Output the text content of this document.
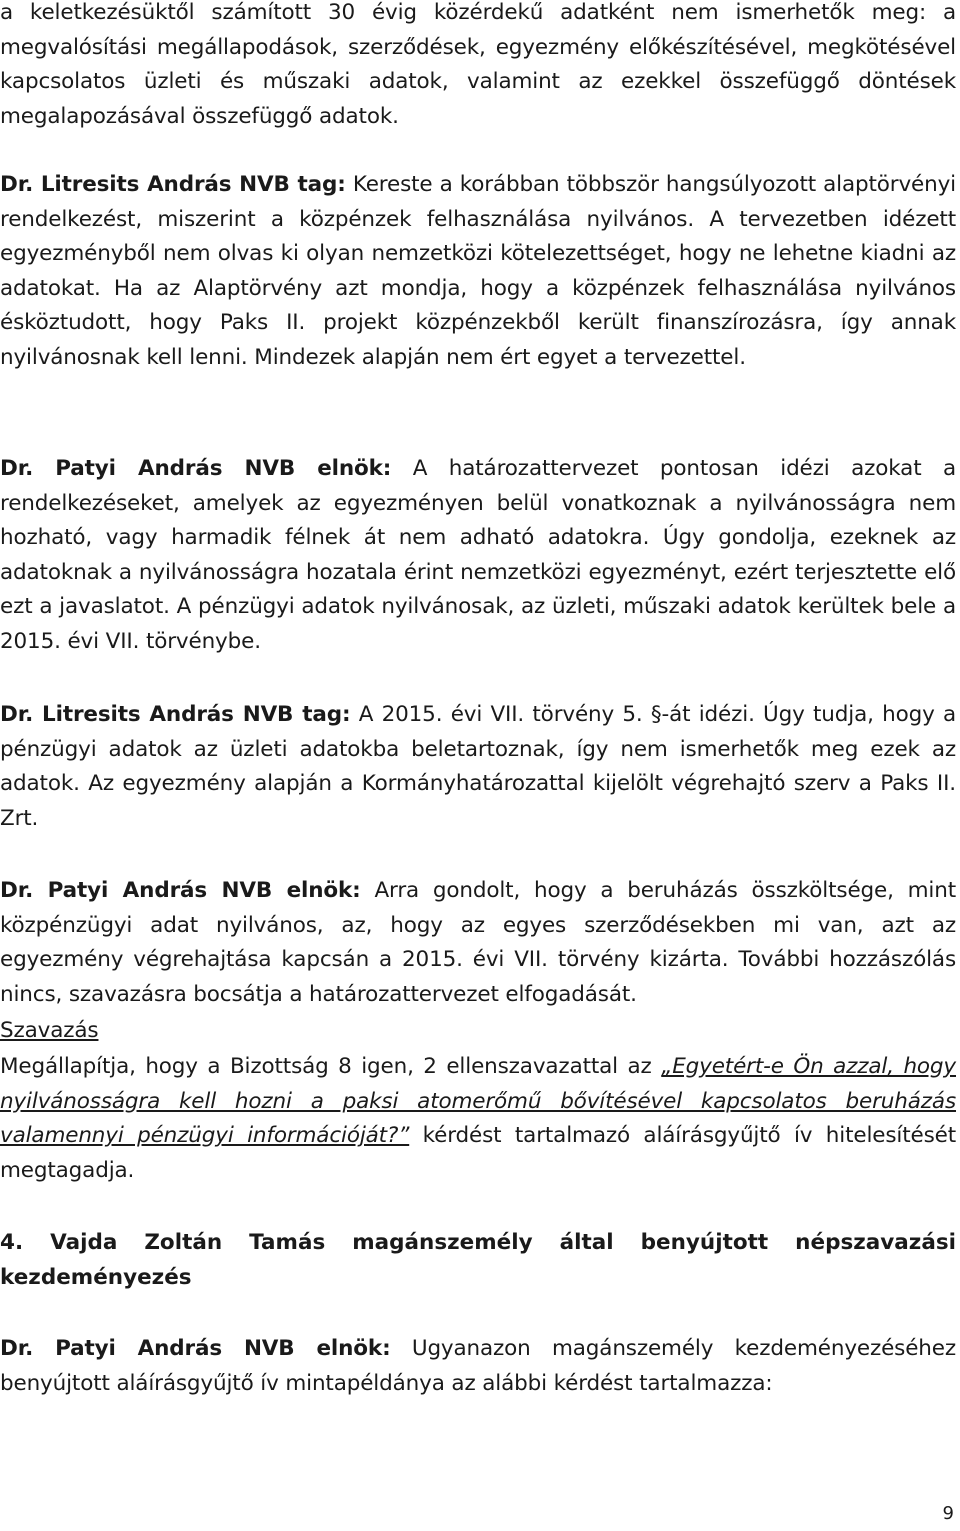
a keletkezésüktől számított 30 évig közérdekű adatként nem ismerhetők meg: a megvalósítási megállapodások, szerződések, egyezmény előkészítésével, megkötésével kapcsolatos üzleti és műszaki adatok, valamint az ezekkel összefüggő döntések megalapozásával összefüggő adatok.

Dr. Litresits András NVB tag: Kereste a korábban többször hangsúlyozott alaptörvényi rendelkezést, miszerint a közpénzek felhasználása nyilvános. A tervezetben idézett egyezményből nem olvas ki olyan nemzetközi kötelezettséget, hogy ne lehetne kiadni az adatokat. Ha az Alaptörvény azt mondja, hogy a közpénzek felhasználása nyilvános ésköztudott, hogy Paks II. projekt közpénzekből került finanszírozásra, így annak nyilvánosnak kell lenni. Mindezek alapján nem ért egyet a tervezettel.

Dr. Patyi András NVB elnök: A határozattervezet pontosan idézi azokat a rendelkezéseket, amelyek az egyezményen belül vonatkoznak a nyilvánosságra nem hozható, vagy harmadik félnek át nem adható adatokra. Úgy gondolja, ezeknek az adatoknak a nyilvánosságra hozatala érint nemzetközi egyezményt, ezért terjesztette elő ezt a javaslatot. A pénzügyi adatok nyilvánosak, az üzleti, műszaki adatok kerültek bele a 2015. évi VII. törvénybe.

Dr. Litresits András NVB tag: A 2015. évi VII. törvény 5. §-át idézi. Úgy tudja, hogy a pénzügyi adatok az üzleti adatokba beletartoznak, így nem ismerhetők meg ezek az adatok. Az egyezmény alapján a Kormányhatározattal kijelölt végrehajtó szerv a Paks II. Zrt.

Dr. Patyi András NVB elnök: Arra gondolt, hogy a beruházás összköltsége, mint közpénzügyi adat nyilvános, az, hogy az egyes szerződésekben mi van, azt az egyezmény végrehajtása kapcsán a 2015. évi VII. törvény kizárta. További hozzászólás nincs, szavazásra bocsátja a határozattervezet elfogadását.

Szavazás

Megállapítja, hogy a Bizottság 8 igen, 2 ellenszavazattal az „Egyetért-e Ön azzal, hogy nyilvánosságra kell hozni a paksi atomerőmű bővítésével kapcsolatos beruházás valamennyi pénzügyi információját?” kérdést tartalmazó aláírásgyűjtő ív hitelesítését megtagadja.

4. Vajda Zoltán Tamás magánszemély által benyújtott népszavazási kezdeményezés

Dr. Patyi András NVB elnök: Ugyanazon magánszemély kezdeményezéséhez benyújtott aláírásgyűjtő ív mintapéldánya az alábbi kérdést tartalmazza:

9
